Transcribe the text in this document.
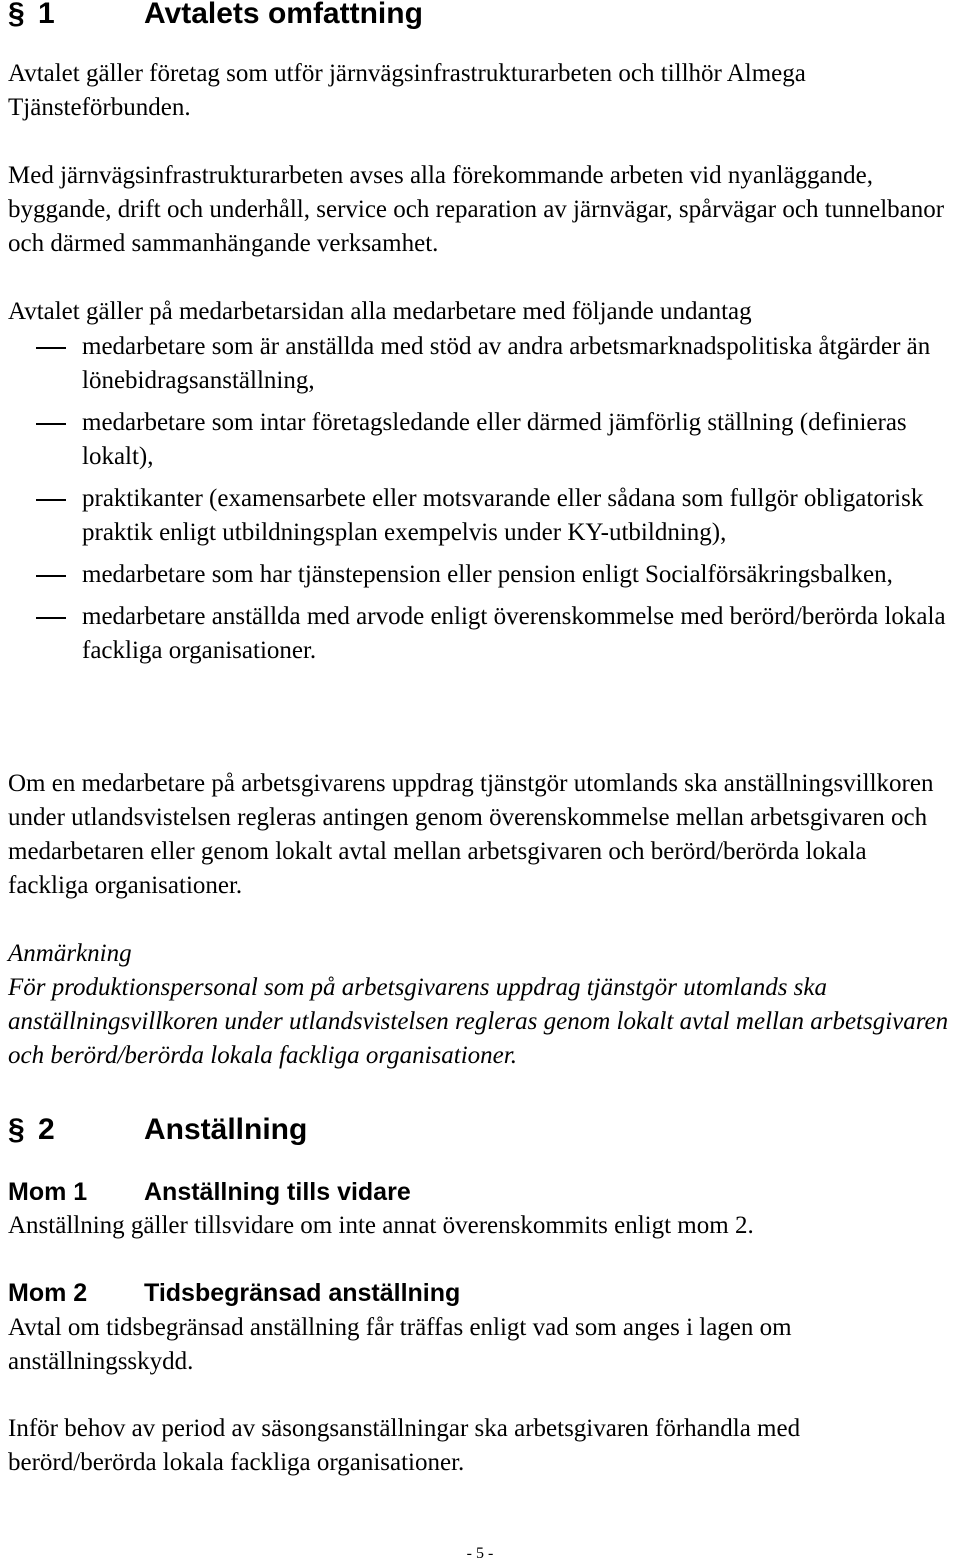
§ 1	Avtalets omfattning

Avtalet gäller företag som utför järnvägsinfrastrukturarbeten och tillhör Almega Tjänsteförbunden.

Med järnvägsinfrastrukturarbeten avses alla förekommande arbeten vid nyanläggande, byggande, drift och underhåll, service och reparation av järnvägar, spårvägar och tunnelbanor och därmed sammanhängande verksamhet.

Avtalet gäller på medarbetarsidan alla medarbetare med följande undantag

medarbetare som är anställda med stöd av andra arbetsmarknadspolitiska åtgärder än lönebidragsanställning,
medarbetare som intar företagsledande eller därmed jämförlig ställning (definieras lokalt),
praktikanter (examensarbete eller motsvarande eller sådana som fullgör obligatorisk praktik enligt utbildningsplan exempelvis under KY-utbildning),
medarbetare som har tjänstepension eller pension enligt Socialförsäkringsbalken,
medarbetare anställda med arvode enligt överenskommelse med berörd/berörda lokala fackliga organisationer.

Om en medarbetare på arbetsgivarens uppdrag tjänstgör utomlands ska anställningsvillkoren under utlandsvistelsen regleras antingen genom överenskommelse mellan arbetsgivaren och medarbetaren eller genom lokalt avtal mellan arbetsgivaren och berörd/berörda lokala fackliga organisationer.

Anmärkning

För produktionspersonal som på arbetsgivarens uppdrag tjänstgör utomlands ska anställningsvillkoren under utlandsvistelsen regleras genom lokalt avtal mellan arbetsgivaren och berörd/berörda lokala fackliga organisationer.

§ 2	Anställning
Mom 1 Anställning tills vidare

Anställning gäller tillsvidare om inte annat överenskommits enligt mom 2.

Mom 2 Tidsbegränsad anställning

Avtal om tidsbegränsad anställning får träffas enligt vad som anges i lagen om anställningsskydd.

Inför behov av period av säsongsanställningar ska arbetsgivaren förhandla med berörd/berörda lokala fackliga organisationer.

- 5 -
